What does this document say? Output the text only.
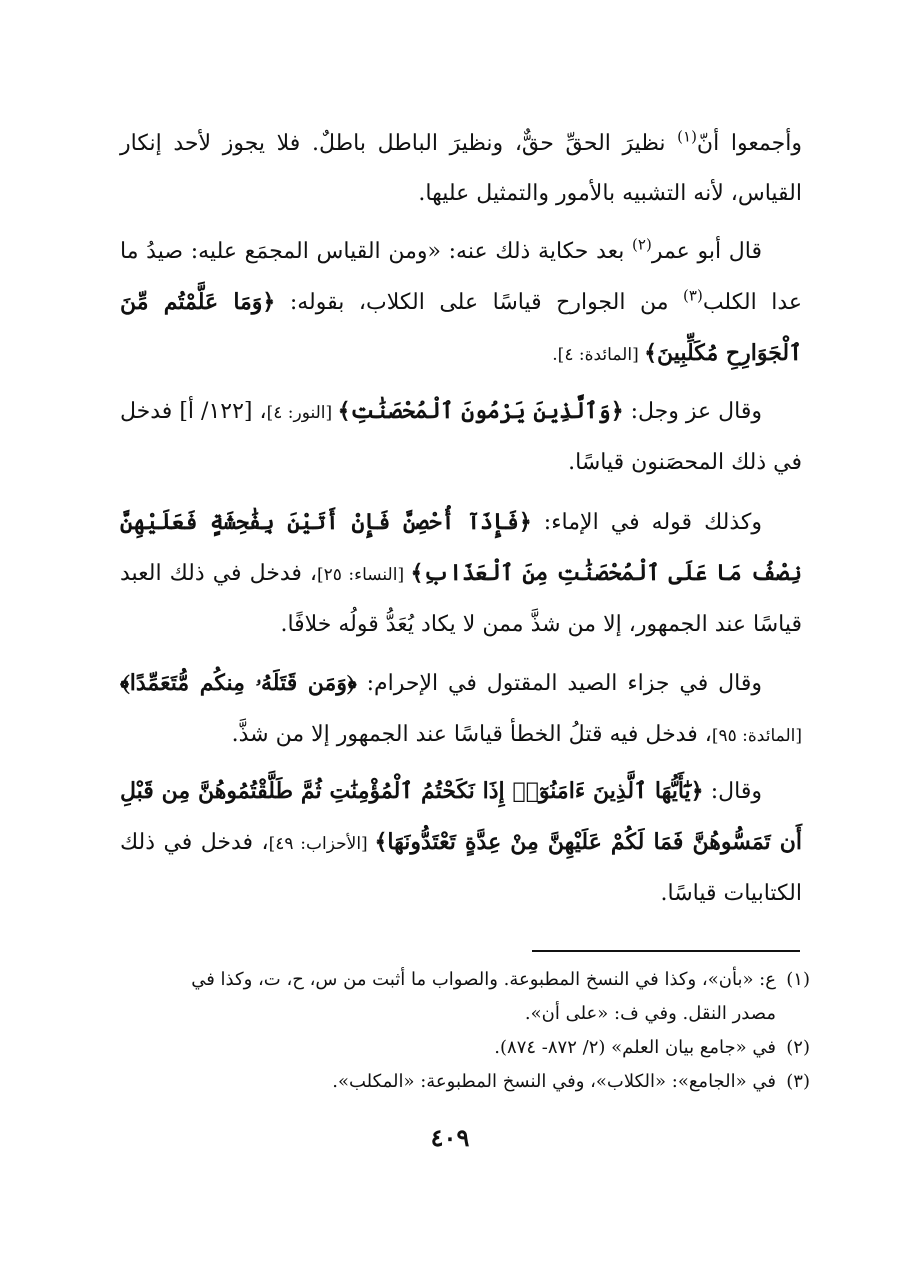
وأجمعوا أنّ$^{(١)}$ نظيرَ الحقِّ حقٌّ، ونظيرَ الباطل باطلٌ. فلا يجوز لأحد إنكار القياس، لأنه التشبيه بالأمور والتمثيل عليها.

قال أبو عمر$^{(٢)}$ بعد حكاية ذلك عنه: «ومن القياس المجمَع عليه: صيدُ ما عدا الكلب$^{(٣)}$ من الجوارح قياسًا على الكلاب، بقوله: ﴿وَمَا عَلَّمْتُم مِّنَ ٱلْجَوَارِحِ مُكَلِّبِينَ﴾ [المائدة: ٤].

وقال عز وجل: ﴿وَٱلَّذِينَ يَرْمُونَ ٱلْمُحْصَنَٰتِ﴾ [النور: ٤]، [١٢٢/ أ] فدخل في ذلك المحصَنون قياسًا.

وكذلك قوله في الإماء: ﴿فَإِذَآ أُحْصِنَّ فَإِنْ أَتَيْنَ بِفَٰحِشَةٍ فَعَلَيْهِنَّ نِصْفُ مَا عَلَى ٱلْمُحْصَنَٰتِ مِنَ ٱلْعَذَابِ﴾ [النساء: ٢٥]، فدخل في ذلك العبد قياسًا عند الجمهور، إلا من شذَّ ممن لا يكاد يُعَدُّ قولُه خلافًا.

وقال في جزاء الصيد المقتول في الإحرام: ﴿وَمَن قَتَلَهُۥ مِنكُم مُّتَعَمِّدًا﴾ [المائدة: ٩٥]، فدخل فيه قتلُ الخطأ قياسًا عند الجمهور إلا من شذَّ.

وقال: ﴿يَٰٓأَيُّهَا ٱلَّذِينَ ءَامَنُوٓا۟ إِذَا نَكَحْتُمُ ٱلْمُؤْمِنَٰتِ ثُمَّ طَلَّقْتُمُوهُنَّ مِن قَبْلِ أَن تَمَسُّوهُنَّ فَمَا لَكُمْ عَلَيْهِنَّ مِنْ عِدَّةٍ تَعْتَدُّونَهَا﴾ [الأحزاب: ٤٩]، فدخل في ذلك الكتابيات قياسًا.

(١)ع: «بأن»، وكذا في النسخ المطبوعة. والصواب ما أثبت من س، ح، ت، وكذا في

مصدر النقل. وفي ف: «على أن».

(٢)في «جامع بيان العلم» (٢/ ٨٧٢- ٨٧٤).

(٣)في «الجامع»: «الكلاب»، وفي النسخ المطبوعة: «المكلب».

٤٠٩
